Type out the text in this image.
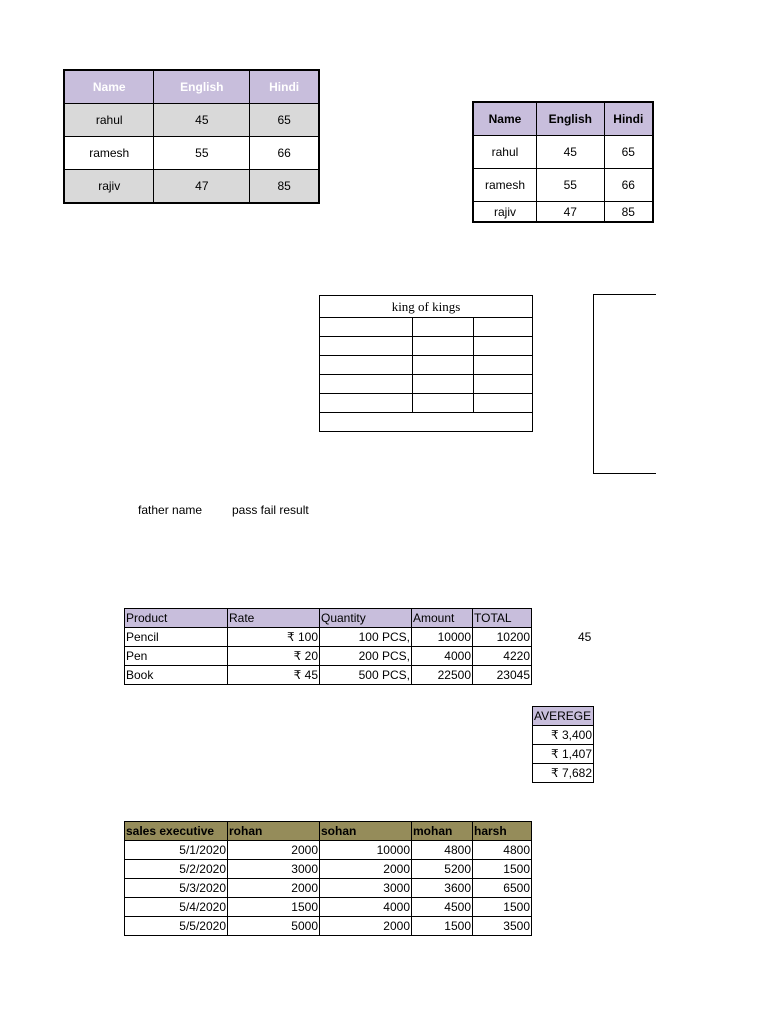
Name	English	Hindi
rahul	45	65
ramesh	55	66
rajiv	47	85
Name	English	Hindi
rahul	45	65
ramesh	55	66
rajiv	47	85
king of kings		

father name pass fail result
Product	Rate	Quantity	Amount	TOTAL
Pencil	₹ 100	100 PCS,	10000	10200
Pen	₹ 20	200 PCS,	4000	4220
Book	₹ 45	500 PCS,	22500	23045
45
AVEREGE
₹ 3,400
₹ 1,407
₹ 7,682
sales executive	rohan	sohan	mohan	harsh
5/1/2020	2000	10000	4800	4800
5/2/2020	3000	2000	5200	1500
5/3/2020	2000	3000	3600	6500
5/4/2020	1500	4000	4500	1500
5/5/2020	5000	2000	1500	3500
